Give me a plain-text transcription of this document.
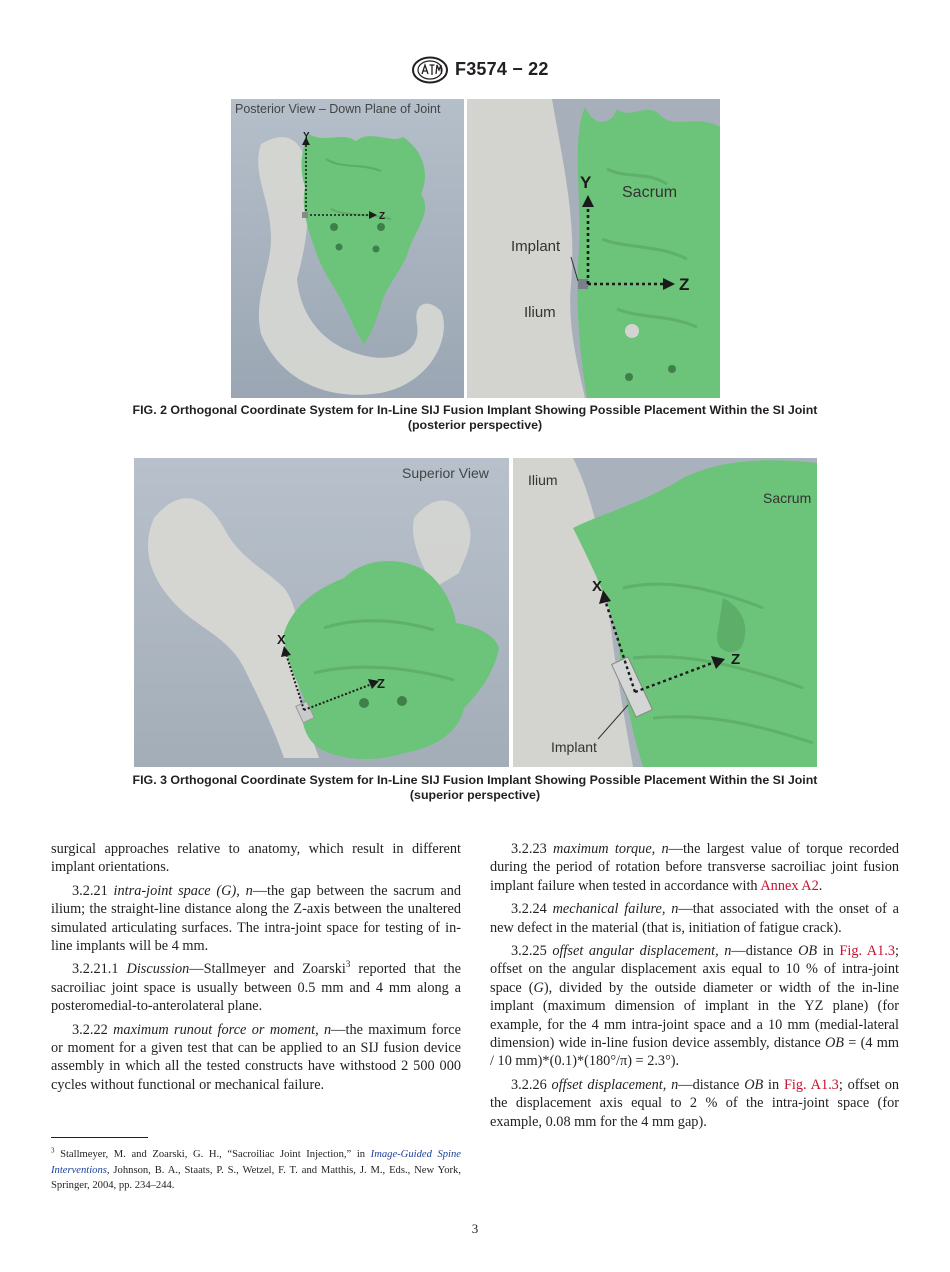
F3574 − 22
Posterior View – Down Plane of Joint
Y
Z
Y
Z
Sacrum
Implant
Ilium
FIG. 2 Orthogonal Coordinate System for In-Line SIJ Fusion Implant Showing Possible Placement Within the SI Joint
(posterior perspective)
Superior View
X
Z
Ilium
Sacrum
X
Z
Implant
FIG. 3 Orthogonal Coordinate System for In-Line SIJ Fusion Implant Showing Possible Placement Within the SI Joint
(superior perspective)

surgical approaches relative to anatomy, which result in different implant orientations.

3.2.21 intra-joint space (G), n—the gap between the sacrum and ilium; the straight-line distance along the Z-axis between the unaltered simulated articulating surfaces. The intra-joint space for testing of in-line implants will be 4 mm.

3.2.21.1 Discussion—Stallmeyer and Zoarski$^3$ reported that the sacroiliac joint space is usually between 0.5 mm and 4 mm along a posteromedial-to-anterolateral plane.

3.2.22 maximum runout force or moment, n—the maximum force or moment for a given test that can be applied to an SIJ fusion device assembly in which all the tested constructs have withstood 2 500 000 cycles without functional or mechanical failure.

3.2.23 maximum torque, n—the largest value of torque recorded during the period of rotation before transverse sacroiliac joint fusion implant failure when tested in accordance with Annex A2.

3.2.24 mechanical failure, n—that associated with the onset of a new defect in the material (that is, initiation of fatigue crack).

3.2.25 offset angular displacement, n—distance OB in Fig. A1.3; offset on the angular displacement axis equal to 10 % of intra-joint space (G), divided by the outside diameter or width of the in-line implant (maximum dimension of implant in the YZ plane) (for example, for the 4 mm intra-joint space and a 10 mm (medial-lateral dimension) wide in-line fusion device assembly, distance OB = (4 mm / 10 mm)*(0.1)*(180°/π) = 2.3°).

3.2.26 offset displacement, n—distance OB in Fig. A1.3; offset on the displacement axis equal to 2 % of the intra-joint space (for example, 0.08 mm for the 4 mm gap).

$^3$ Stallmeyer, M. and Zoarski, G. H., “Sacroiliac Joint Injection,” in Image-Guided Spine Interventions, Johnson, B. A., Staats, P. S., Wetzel, F. T. and Matthis, J. M., Eds., New York, Springer, 2004, pp. 234–244.
3
